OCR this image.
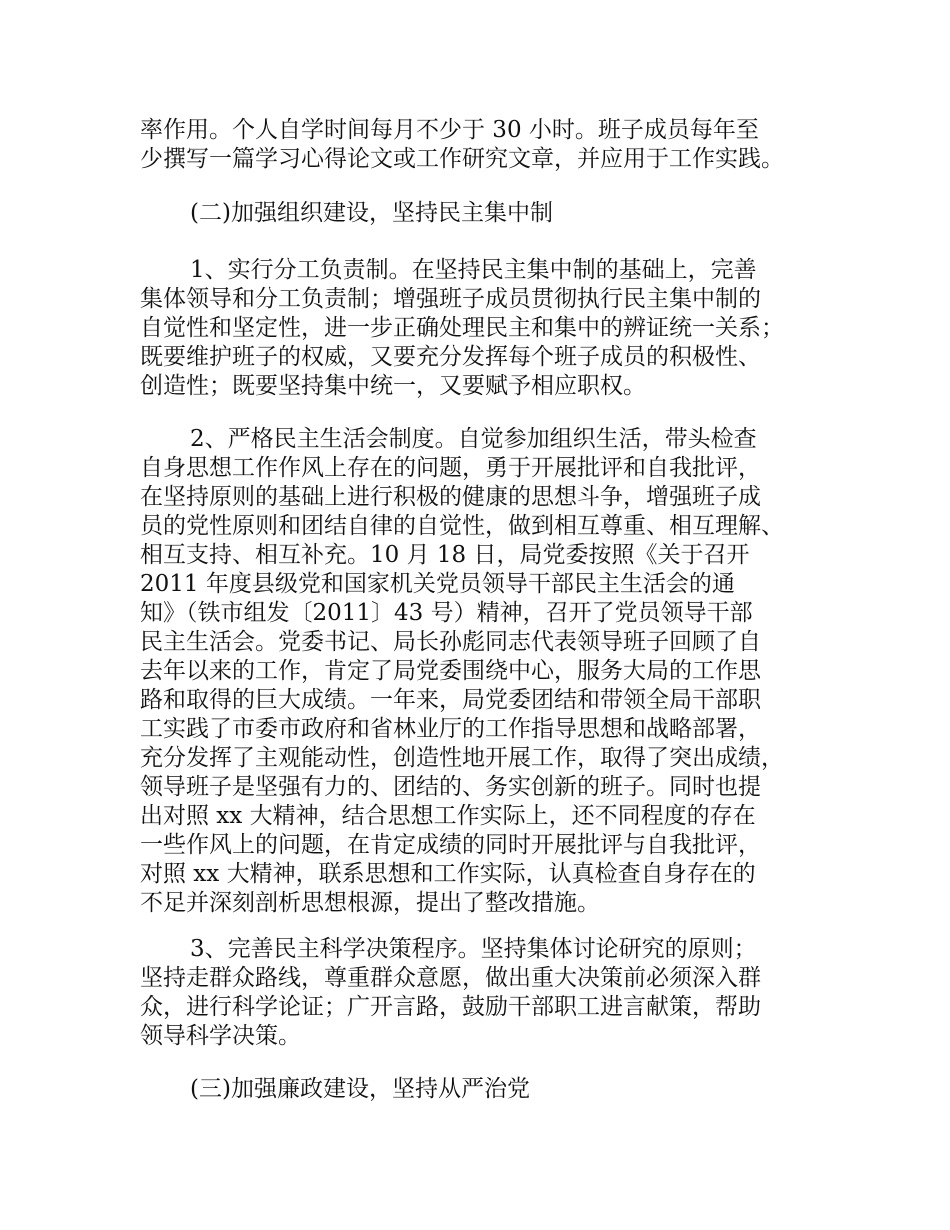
率作用。个人自学时间每月不少于 30 小时。班子成员每年至
少撰写一篇学习心得论文或工作研究文章，并应用于工作实践。
(二)加强组织建设，坚持民主集中制
1、实行分工负责制。在坚持民主集中制的基础上，完善
集体领导和分工负责制；增强班子成员贯彻执行民主集中制的
自觉性和坚定性，进一步正确处理民主和集中的辨证统一关系；
既要维护班子的权威，又要充分发挥每个班子成员的积极性、
创造性；既要坚持集中统一，又要赋予相应职权。
2、严格民主生活会制度。自觉参加组织生活，带头检查
自身思想工作作风上存在的问题，勇于开展批评和自我批评，
在坚持原则的基础上进行积极的健康的思想斗争，增强班子成
员的党性原则和团结自律的自觉性，做到相互尊重、相互理解、
相互支持、相互补充。10 月 18 日，局党委按照《关于召开
2011 年度县级党和国家机关党员领导干部民主生活会的通
知》（铁市组发〔2011〕43 号）精神，召开了党员领导干部
民主生活会。党委书记、局长孙彪同志代表领导班子回顾了自
去年以来的工作，肯定了局党委围绕中心，服务大局的工作思
路和取得的巨大成绩。一年来，局党委团结和带领全局干部职
工实践了市委市政府和省林业厅的工作指导思想和战略部署，
充分发挥了主观能动性，创造性地开展工作，取得了突出成绩，
领导班子是坚强有力的、团结的、务实创新的班子。同时也提
出对照 xx 大精神，结合思想工作实际上，还不同程度的存在
一些作风上的问题，在肯定成绩的同时开展批评与自我批评，
对照 xx 大精神，联系思想和工作实际，认真检查自身存在的
不足并深刻剖析思想根源，提出了整改措施。
3、完善民主科学决策程序。坚持集体讨论研究的原则；
坚持走群众路线，尊重群众意愿，做出重大决策前必须深入群
众，进行科学论证；广开言路，鼓励干部职工进言献策，帮助
领导科学决策。
(三)加强廉政建设，坚持从严治党
